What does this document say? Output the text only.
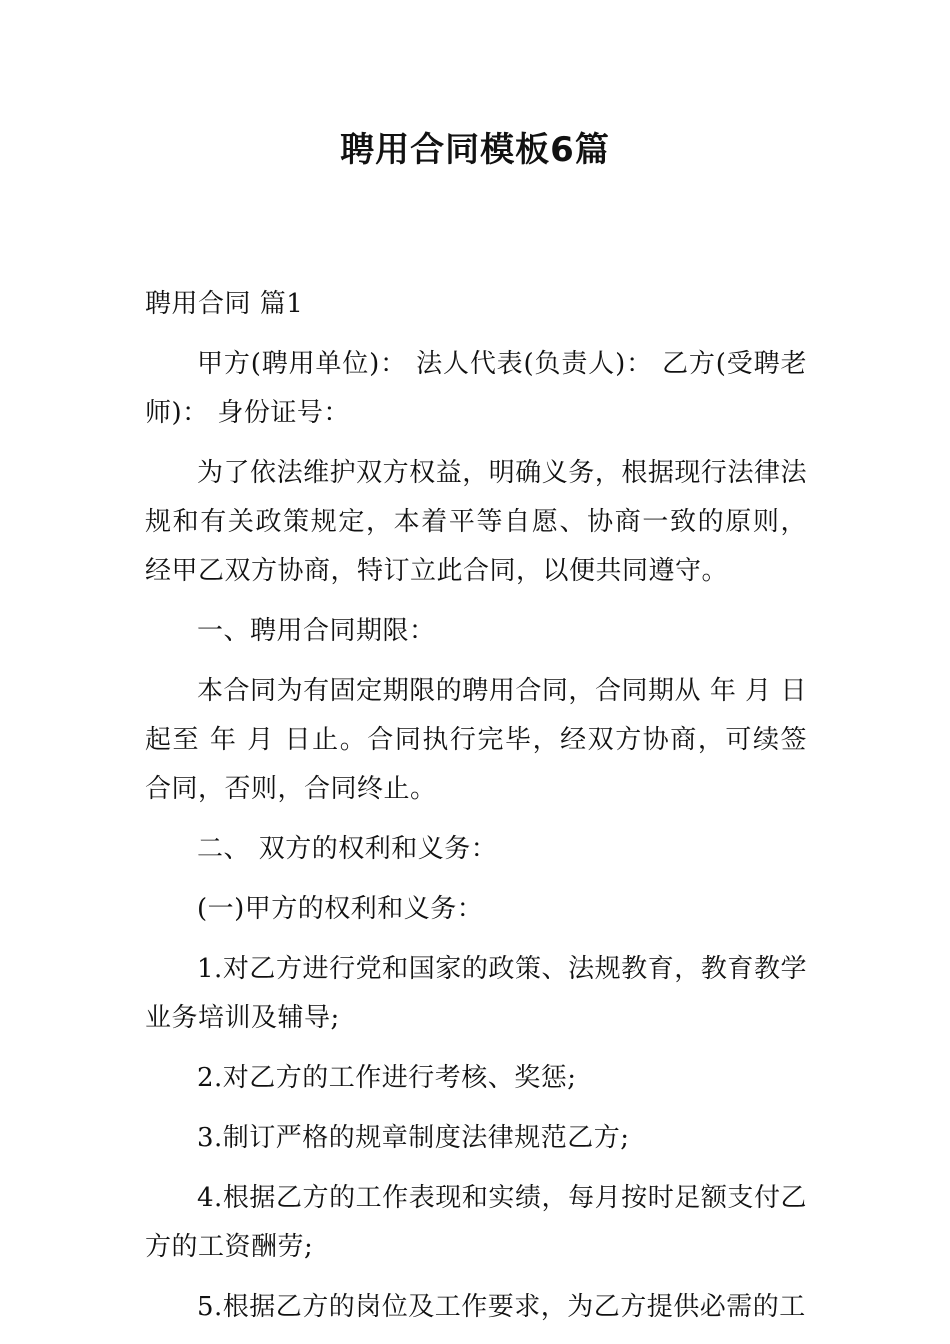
聘用合同模板6篇

聘用合同 篇1

甲方(聘用单位)： 法人代表(负责人)： 乙方(受聘老师)： 身份证号：

为了依法维护双方权益，明确义务，根据现行法律法规和有关政策规定，本着平等自愿、协商一致的原则，经甲乙双方协商，特订立此合同，以便共同遵守。

一、聘用合同期限：

本合同为有固定期限的聘用合同，合同期从 年 月 日起至 年 月 日止。合同执行完毕，经双方协商，可续签合同，否则，合同终止。

二、 双方的权利和义务：

(一)甲方的权利和义务：

1.对乙方进行党和国家的政策、法规教育，教育教学业务培训及辅导;

2.对乙方的工作进行考核、奖惩;

3.制订严格的规章制度法律规范乙方;

4.根据乙方的工作表现和实绩，每月按时足额支付乙方的工资酬劳;

5.根据乙方的岗位及工作要求，为乙方提供必需的工
